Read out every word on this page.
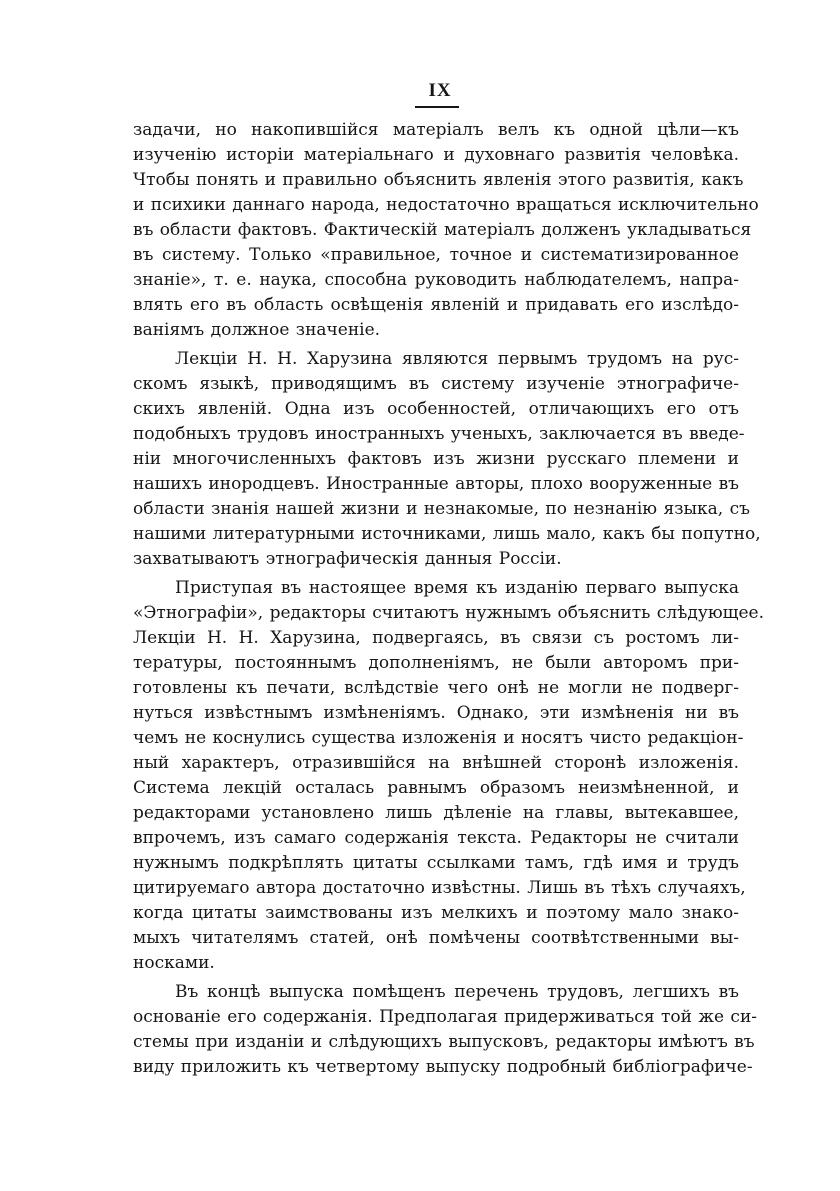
IX
задачи, но накопившійся матеріалъ велъ къ одной цѣли—къ
изученію исторіи матеріальнаго и духовнаго развитія человѣка.
Чтобы понять и правильно объяснить явленія этого развитія, какъ
и психики даннаго народа, недостаточно вращаться исключительно
въ области фактовъ. Фактическій матеріалъ долженъ укладываться
въ систему. Только «правильное, точное и систематизированное
знаніе», т. е. наука, способна руководить наблюдателемъ, напра-
влять его въ область освѣщенія явленій и придавать его изслѣдо-
ваніямъ должное значеніе.
Лекціи Н. Н. Харузина являются первымъ трудомъ на рус-
скомъ языкѣ, приводящимъ въ систему изученіе этнографиче-
скихъ явленій. Одна изъ особенностей, отличающихъ его отъ
подобныхъ трудовъ иностранныхъ ученыхъ, заключается въ введе-
ніи многочисленныхъ фактовъ изъ жизни русскаго племени и
нашихъ инородцевъ. Иностранные авторы, плохо вооруженные въ
области знанія нашей жизни и незнакомые, по незнанію языка, съ
нашими литературными источниками, лишь мало, какъ бы попутно,
захватываютъ этнографическія данныя Россіи.
Приступая въ настоящее время къ изданію перваго выпуска
«Этнографіи», редакторы считаютъ нужнымъ объяснить слѣдующее.
Лекціи Н. Н. Харузина, подвергаясь, въ связи съ ростомъ ли-
тературы, постояннымъ дополненіямъ, не были авторомъ при-
готовлены къ печати, вслѣдствіе чего онѣ не могли не подверг-
нуться извѣстнымъ измѣненіямъ. Однако, эти измѣненія ни въ
чемъ не коснулись существа изложенія и носятъ чисто редакціон-
ный характеръ, отразившійся на внѣшней сторонѣ изложенія.
Система лекцій осталась равнымъ образомъ неизмѣненной, и
редакторами установлено лишь дѣленіе на главы, вытекавшее,
впрочемъ, изъ самаго содержанія текста. Редакторы не считали
нужнымъ подкрѣплять цитаты ссылками тамъ, гдѣ имя и трудъ
цитируемаго автора достаточно извѣстны. Лишь въ тѣхъ случаяхъ,
когда цитаты заимствованы изъ мелкихъ и поэтому мало знако-
мыхъ читателямъ статей, онѣ помѣчены соотвѣтственными вы-
носками.
Въ концѣ выпуска помѣщенъ перечень трудовъ, легшихъ въ
основаніе его содержанія. Предполагая придерживаться той же си-
стемы при изданіи и слѣдующихъ выпусковъ, редакторы имѣютъ въ
виду приложить къ четвертому выпуску подробный библіографиче-
